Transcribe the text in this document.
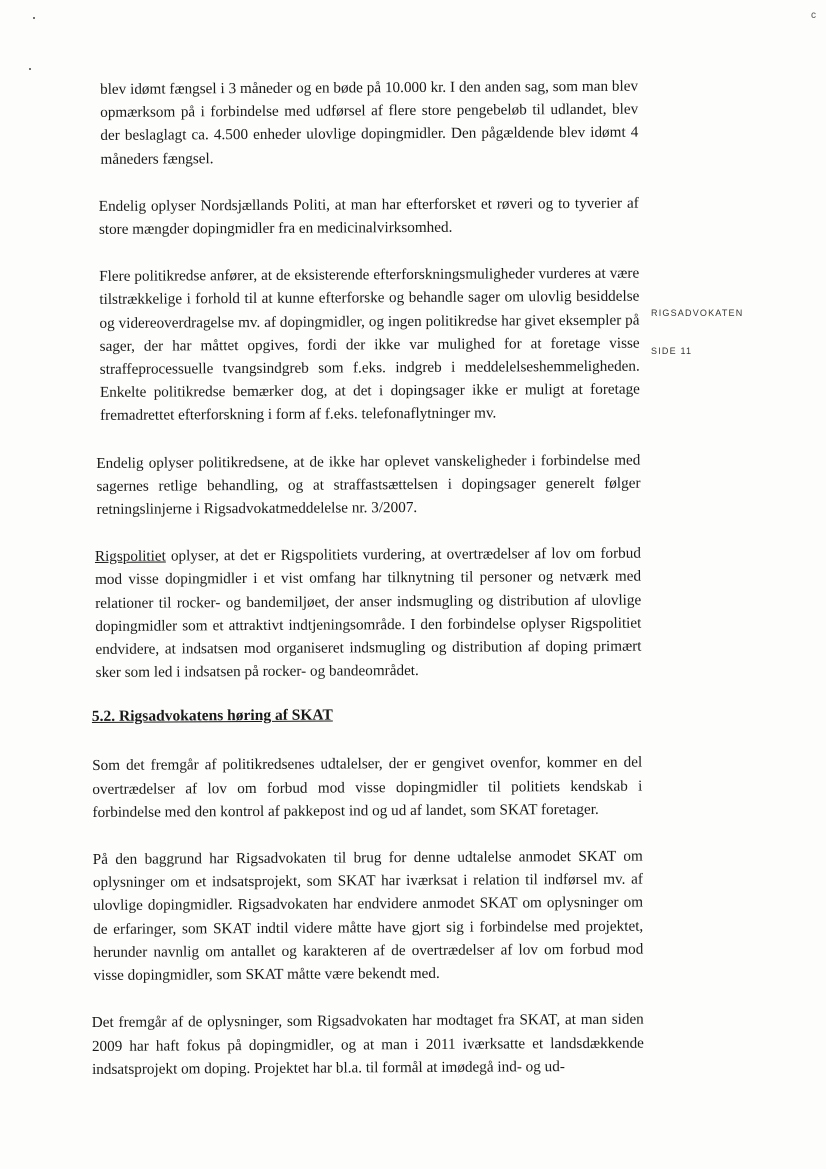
c
RIGSADVOKATEN
SIDE 11

blev idømt fængsel i 3 måneder og en bøde på 10.000 kr. I den anden sag, som man blev opmærksom på i forbindelse med udførsel af flere store pengebeløb til udlandet, blev der beslaglagt ca. 4.500 enheder ulovlige dopingmidler. Den pågældende blev idømt 4 måneders fængsel.

Endelig oplyser Nordsjællands Politi, at man har efterforsket et røveri og to tyverier af store mængder dopingmidler fra en medicinalvirksomhed.

Flere politikredse anfører, at de eksisterende efterforskningsmuligheder vurderes at være tilstrækkelige i forhold til at kunne efterforske og behandle sager om ulovlig besiddelse og videreoverdragelse mv. af dopingmidler, og ingen politikredse har givet eksempler på sager, der har måttet opgives, fordi der ikke var mulighed for at foretage visse straffeprocessuelle tvangsindgreb som f.eks. indgreb i meddelelseshemmeligheden. Enkelte politikredse bemærker dog, at det i dopingsager ikke er muligt at foretage fremadrettet efterforskning i form af f.eks. telefonaflytninger mv.

Endelig oplyser politikredsene, at de ikke har oplevet vanskeligheder i forbindelse med sagernes retlige behandling, og at straffastsættelsen i dopingsager generelt følger retningslinjerne i Rigsadvokatmeddelelse nr. 3/2007.

Rigspolitiet oplyser, at det er Rigspolitiets vurdering, at overtrædelser af lov om forbud mod visse dopingmidler i et vist omfang har tilknytning til personer og netværk med relationer til rocker- og bandemiljøet, der anser indsmugling og distribution af ulovlige dopingmidler som et attraktivt indtjeningsområde. I den forbindelse oplyser Rigspolitiet endvidere, at indsatsen mod organiseret indsmugling og distribution af doping primært sker som led i indsatsen på rocker- og bandeområdet.

5.2. Rigsadvokatens høring af SKAT

Som det fremgår af politikredsenes udtalelser, der er gengivet ovenfor, kommer en del overtrædelser af lov om forbud mod visse dopingmidler til politiets kendskab i forbindelse med den kontrol af pakkepost ind og ud af landet, som SKAT foretager.

På den baggrund har Rigsadvokaten til brug for denne udtalelse anmodet SKAT om oplysninger om et indsatsprojekt, som SKAT har iværksat i relation til indførsel mv. af ulovlige dopingmidler. Rigsadvokaten har endvidere anmodet SKAT om oplysninger om de erfaringer, som SKAT indtil videre måtte have gjort sig i forbindelse med projektet, herunder navnlig om antallet og karakteren af de overtrædelser af lov om forbud mod visse dopingmidler, som SKAT måtte være bekendt med.

Det fremgår af de oplysninger, som Rigsadvokaten har modtaget fra SKAT, at man siden 2009 har haft fokus på dopingmidler, og at man i 2011 iværksatte et landsdækkende indsatsprojekt om doping. Projektet har bl.a. til formål at imødegå ind- og ud-
